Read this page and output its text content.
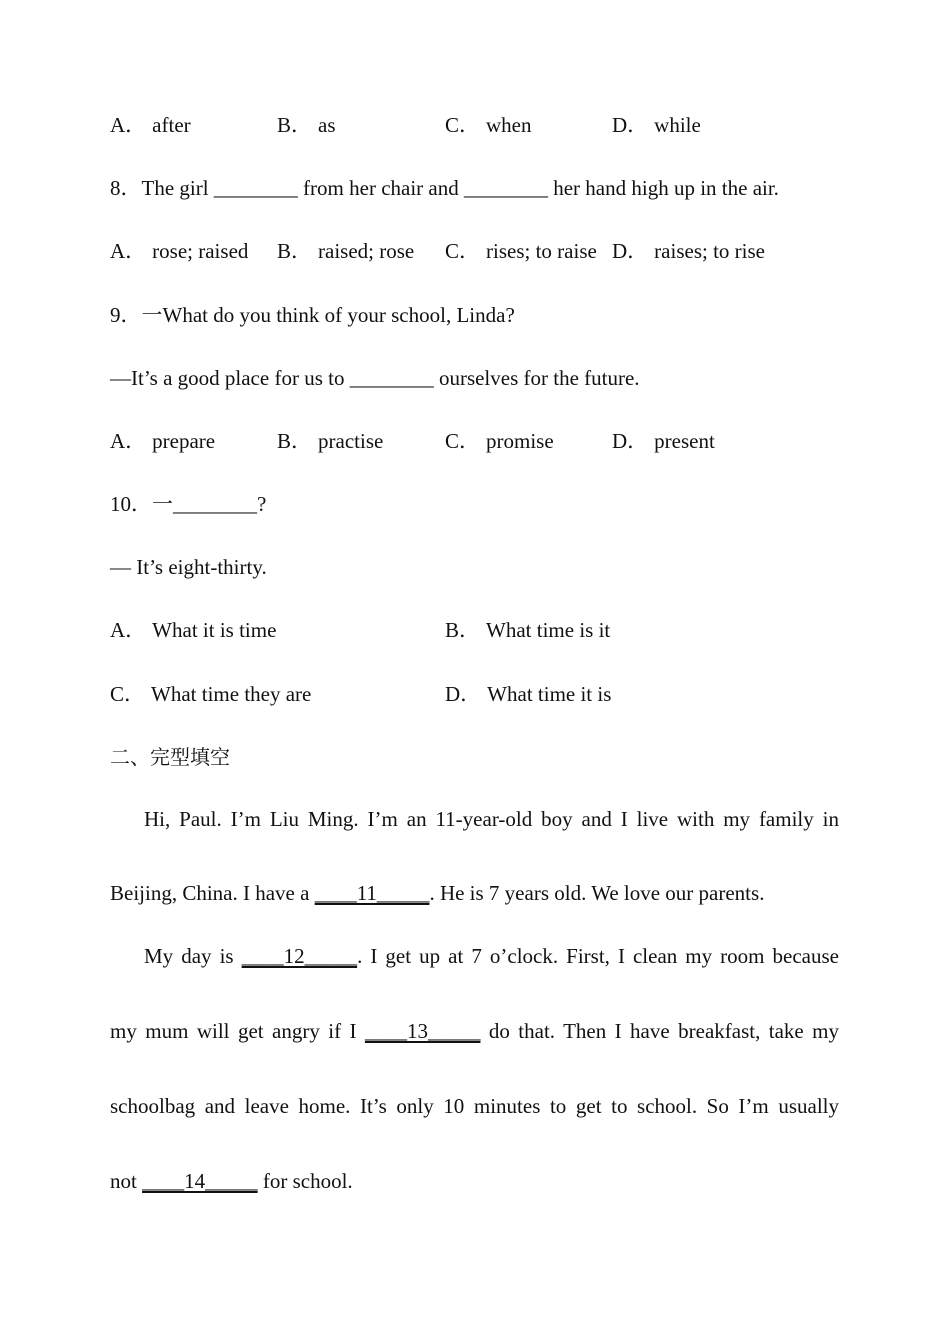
A． after	B． as	C． when	D． while
8．The girl ________ from her chair and ________ her hand high up in the air.
A． rose; raised B． raised; rose C． rises; to raise D． raises; to rise
9．一What do you think of your school, Linda?
—It’s a good place for us to ________ ourselves for the future.
A． prepare	B． practise	C． promise	D． present
10．一________?
— It’s eight-thirty.
A． What it is time	B． What time is it
C． What time they are	D． What time it is
二、完型填空
Hi, Paul. I’m Liu Ming. I’m an 11-year-old boy and I live with my family in
Beijing, China. I have a ____11_____. He is 7 years old. We love our parents.
My day is ____12_____. I get up at 7 o’clock. First, I clean my room because
my mum will get angry if I ____13_____ do that. Then I have breakfast, take my
schoolbag and leave home. It’s only 10 minutes to get to school. So I’m usually
not ____14_____ for school.
